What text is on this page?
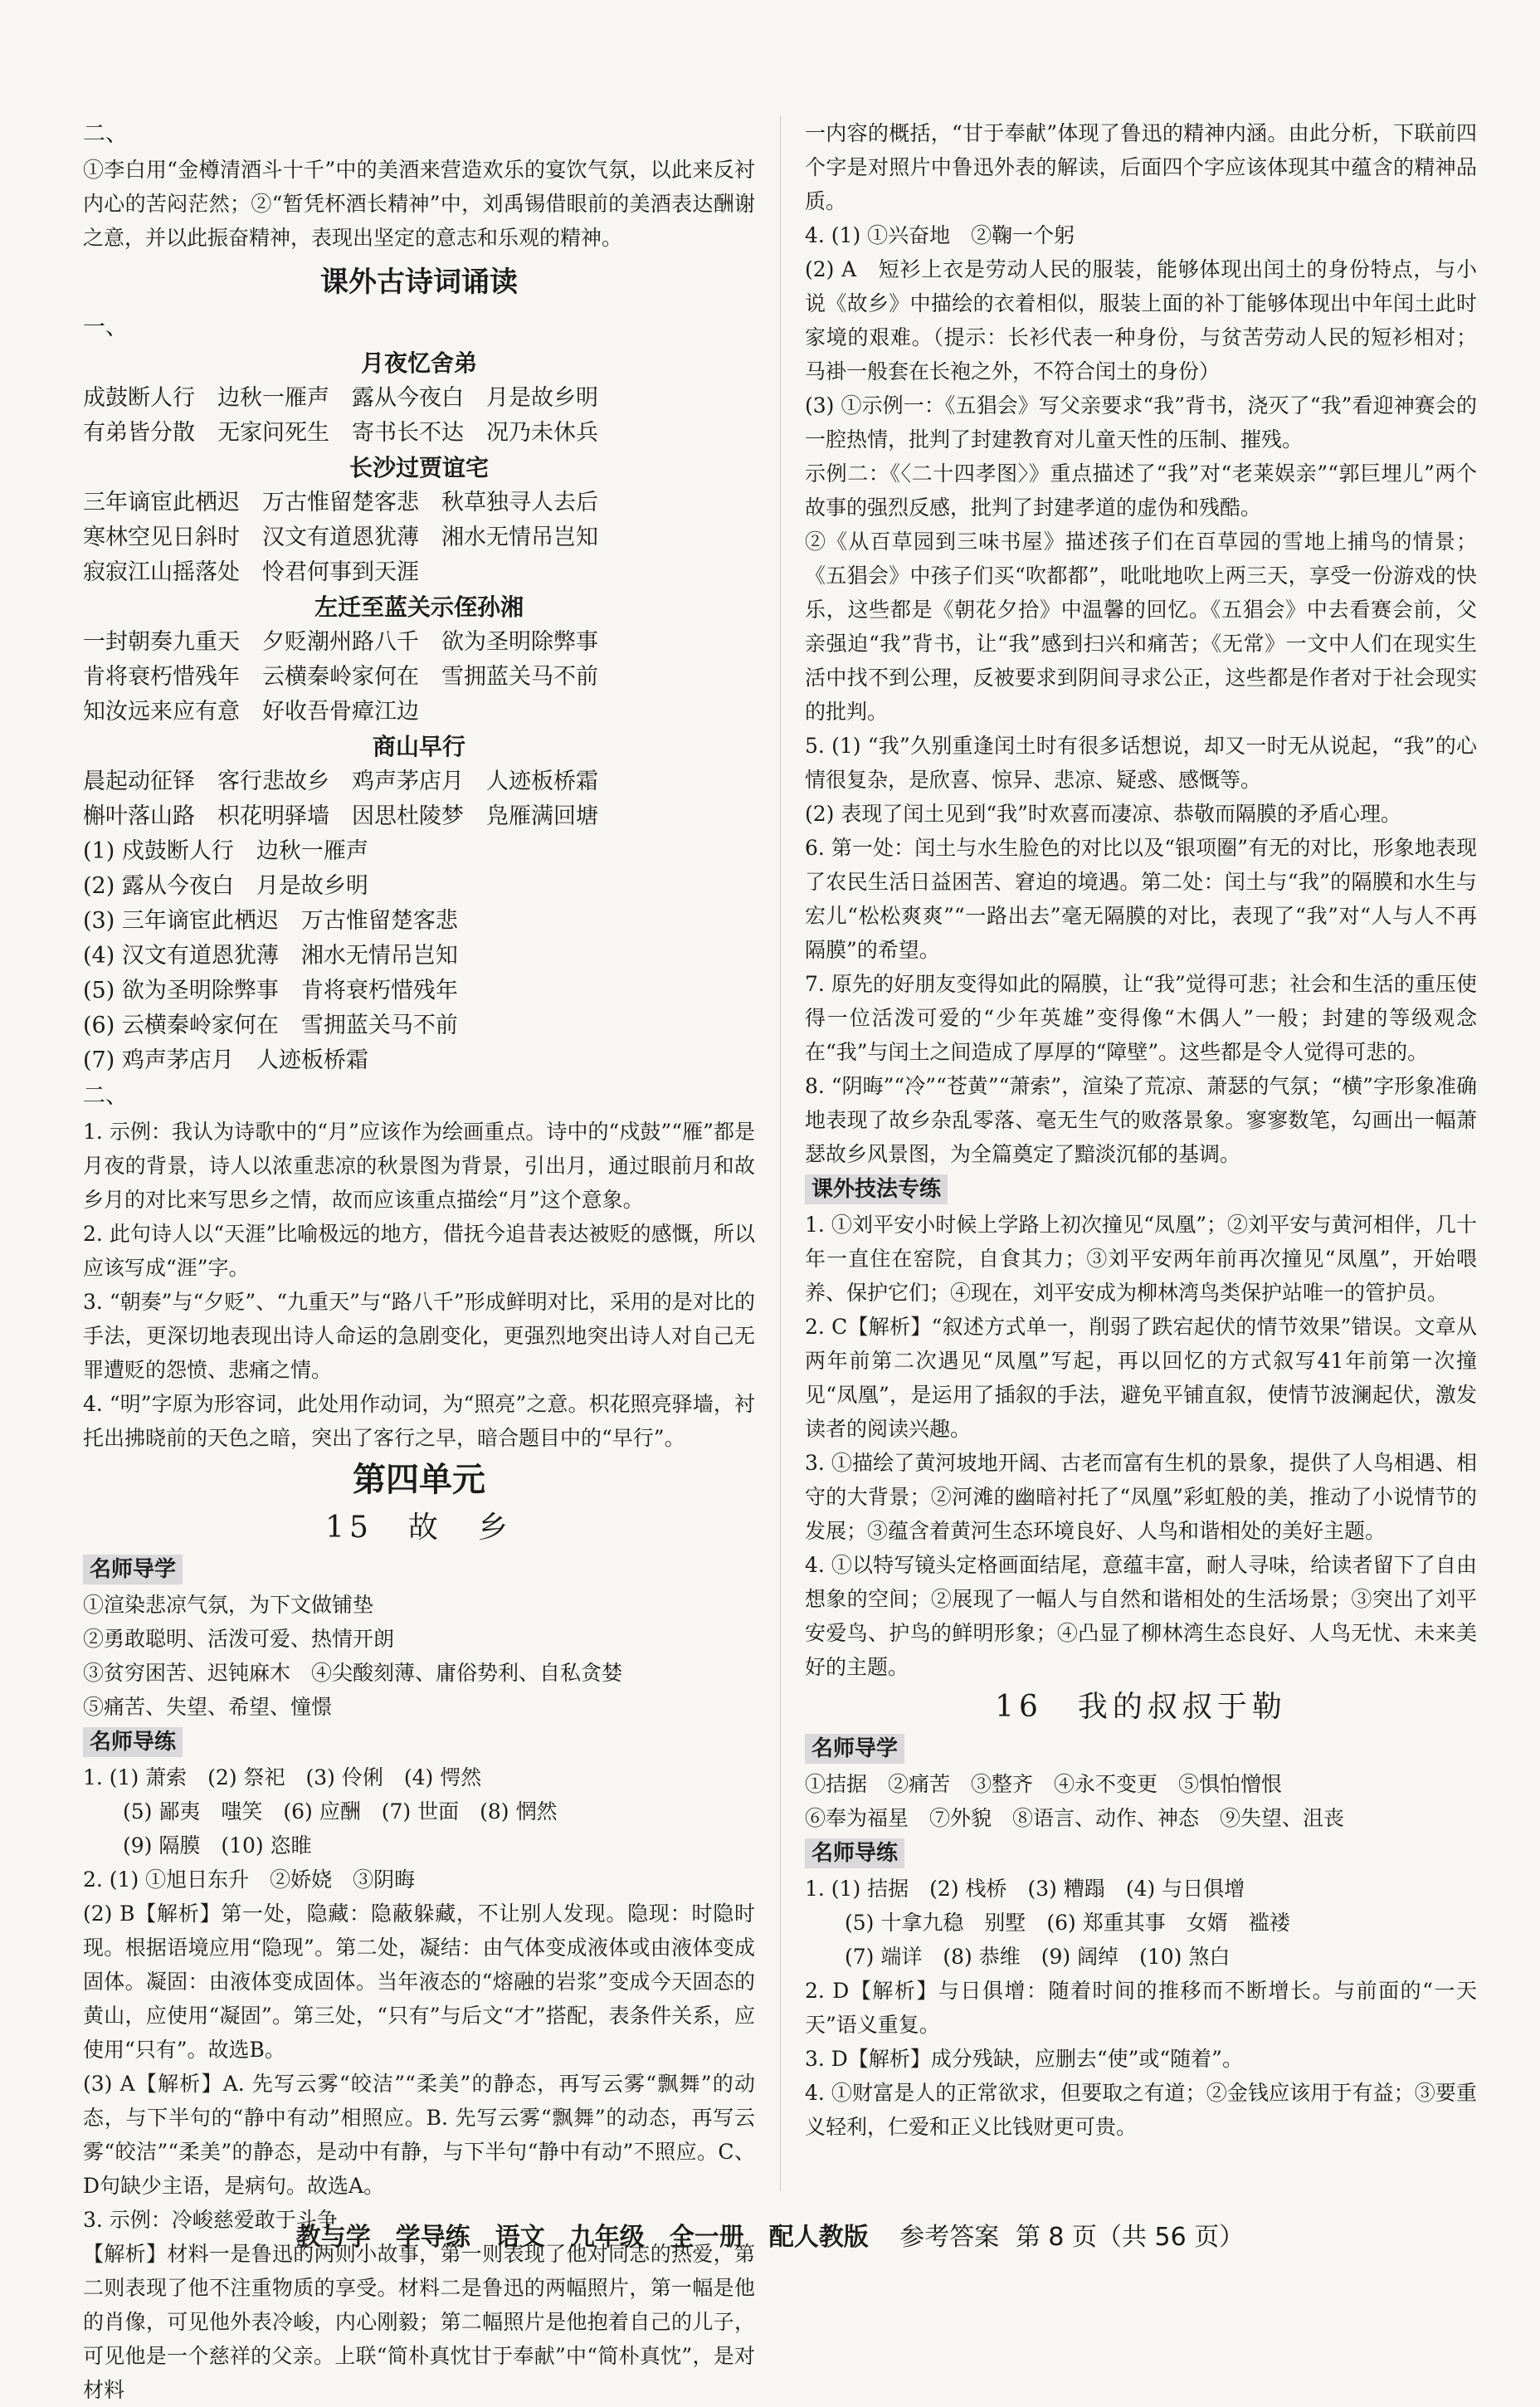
二、

①李白用“金樽清酒斗十千”中的美酒来营造欢乐的宴饮气氛，以此来反衬内心的苦闷茫然；②“暂凭杯酒长精神”中，刘禹锡借眼前的美酒表达酬谢之意，并以此振奋精神，表现出坚定的意志和乐观的精神。

课外古诗词诵读

一、

月夜忆舍弟
成鼓断人行　边秋一雁声　露从今夜白　月是故乡明
有弟皆分散　无家问死生　寄书长不达　况乃未休兵
长沙过贾谊宅
三年谪宦此栖迟　万古惟留楚客悲　秋草独寻人去后
寒林空见日斜时　汉文有道恩犹薄　湘水无情吊岂知
寂寂江山摇落处　怜君何事到天涯
左迁至蓝关示侄孙湘
一封朝奏九重天　夕贬潮州路八千　欲为圣明除弊事
肯将衰朽惜残年　云横秦岭家何在　雪拥蓝关马不前
知汝远来应有意　好收吾骨瘴江边
商山早行
晨起动征铎　客行悲故乡　鸡声茅店月　人迹板桥霜
槲叶落山路　枳花明驿墙　因思杜陵梦　凫雁满回塘
(1) 戍鼓断人行　边秋一雁声
(2) 露从今夜白　月是故乡明
(3) 三年谪宦此栖迟　万古惟留楚客悲
(4) 汉文有道恩犹薄　湘水无情吊岂知
(5) 欲为圣明除弊事　肯将衰朽惜残年
(6) 云横秦岭家何在　雪拥蓝关马不前
(7) 鸡声茅店月　人迹板桥霜

二、

1. 示例：我认为诗歌中的“月”应该作为绘画重点。诗中的“戍鼓”“雁”都是月夜的背景，诗人以浓重悲凉的秋景图为背景，引出月，通过眼前月和故乡月的对比来写思乡之情，故而应该重点描绘“月”这个意象。

2. 此句诗人以“天涯”比喻极远的地方，借抚今追昔表达被贬的感慨，所以应该写成“涯”字。

3. “朝奏”与“夕贬”、“九重天”与“路八千”形成鲜明对比，采用的是对比的手法，更深切地表现出诗人命运的急剧变化，更强烈地突出诗人对自己无罪遭贬的怨愤、悲痛之情。

4. “明”字原为形容词，此处用作动词，为“照亮”之意。枳花照亮驿墙，衬托出拂晓前的天色之暗，突出了客行之早，暗合题目中的“早行”。

第四单元
15　故　乡
名师导学

①渲染悲凉气氛，为下文做铺垫

②勇敢聪明、活泼可爱、热情开朗

③贫穷困苦、迟钝麻木　④尖酸刻薄、庸俗势利、自私贪婪

⑤痛苦、失望、希望、憧憬

名师导练

1. (1) 萧索　(2) 祭祀　(3) 伶俐　(4) 愕然

(5) 鄙夷　嗤笑　(6) 应酬　(7) 世面　(8) 惘然

(9) 隔膜　(10) 恣睢

2. (1) ①旭日东升　②娇娆　③阴晦

(2) B【解析】第一处，隐藏：隐蔽躲藏，不让别人发现。隐现：时隐时现。根据语境应用“隐现”。第二处，凝结：由气体变成液体或由液体变成固体。凝固：由液体变成固体。当年液态的“熔融的岩浆”变成今天固态的黄山，应使用“凝固”。第三处，“只有”与后文“才”搭配，表条件关系，应使用“只有”。故选B。

(3) A【解析】A. 先写云雾“皎洁”“柔美”的静态，再写云雾“飘舞”的动态，与下半句的“静中有动”相照应。B. 先写云雾“飘舞”的动态，再写云雾“皎洁”“柔美”的静态，是动中有静，与下半句“静中有动”不照应。C、D句缺少主语，是病句。故选A。

3. 示例：冷峻慈爱敢于斗争

【解析】材料一是鲁迅的两则小故事，第一则表现了他对同志的热爱，第二则表现了他不注重物质的享受。材料二是鲁迅的两幅照片，第一幅是他的肖像，可见他外表冷峻，内心刚毅；第二幅照片是他抱着自己的儿子，可见他是一个慈祥的父亲。上联“简朴真忱甘于奉献”中“简朴真忱”，是对材料

一内容的概括，“甘于奉献”体现了鲁迅的精神内涵。由此分析，下联前四个字是对照片中鲁迅外表的解读，后面四个字应该体现其中蕴含的精神品质。

4. (1) ①兴奋地　②鞠一个躬

(2) A　短衫上衣是劳动人民的服装，能够体现出闰土的身份特点，与小说《故乡》中描绘的衣着相似，服装上面的补丁能够体现出中年闰土此时家境的艰难。（提示：长衫代表一种身份，与贫苦劳动人民的短衫相对；马褂一般套在长袍之外，不符合闰土的身份）

(3) ①示例一：《五猖会》写父亲要求“我”背书，浇灭了“我”看迎神赛会的一腔热情，批判了封建教育对儿童天性的压制、摧残。

示例二：《〈二十四孝图〉》重点描述了“我”对“老莱娱亲”“郭巨埋儿”两个故事的强烈反感，批判了封建孝道的虚伪和残酷。

②《从百草园到三味书屋》描述孩子们在百草园的雪地上捕鸟的情景；《五猖会》中孩子们买“吹都都”，吡吡地吹上两三天，享受一份游戏的快乐，这些都是《朝花夕拾》中温馨的回忆。《五猖会》中去看赛会前，父亲强迫“我”背书，让“我”感到扫兴和痛苦；《无常》一文中人们在现实生活中找不到公理，反被要求到阴间寻求公正，这些都是作者对于社会现实的批判。

5. (1) “我”久别重逢闰土时有很多话想说，却又一时无从说起，“我”的心情很复杂，是欣喜、惊异、悲凉、疑惑、感慨等。

(2) 表现了闰土见到“我”时欢喜而凄凉、恭敬而隔膜的矛盾心理。

6. 第一处：闰土与水生脸色的对比以及“银项圈”有无的对比，形象地表现了农民生活日益困苦、窘迫的境遇。第二处：闰土与“我”的隔膜和水生与宏儿“松松爽爽”“一路出去”毫无隔膜的对比，表现了“我”对“人与人不再隔膜”的希望。

7. 原先的好朋友变得如此的隔膜，让“我”觉得可悲；社会和生活的重压使得一位活泼可爱的“少年英雄”变得像“木偶人”一般；封建的等级观念在“我”与闰土之间造成了厚厚的“障壁”。这些都是令人觉得可悲的。

8. “阴晦”“冷”“苍黄”“萧索”，渲染了荒凉、萧瑟的气氛；“横”字形象准确地表现了故乡杂乱零落、毫无生气的败落景象。寥寥数笔，勾画出一幅萧瑟故乡风景图，为全篇奠定了黯淡沉郁的基调。

课外技法专练

1. ①刘平安小时候上学路上初次撞见“凤凰”；②刘平安与黄河相伴，几十年一直住在窑院，自食其力；③刘平安两年前再次撞见“凤凰”，开始喂养、保护它们；④现在，刘平安成为柳林湾鸟类保护站唯一的管护员。

2. C【解析】“叙述方式单一，削弱了跌宕起伏的情节效果”错误。文章从两年前第二次遇见“凤凰”写起，再以回忆的方式叙写41年前第一次撞见“凤凰”，是运用了插叙的手法，避免平铺直叙，使情节波澜起伏，激发读者的阅读兴趣。

3. ①描绘了黄河坡地开阔、古老而富有生机的景象，提供了人鸟相遇、相守的大背景；②河滩的幽暗衬托了“凤凰”彩虹般的美，推动了小说情节的发展；③蕴含着黄河生态环境良好、人鸟和谐相处的美好主题。

4. ①以特写镜头定格画面结尾，意蕴丰富，耐人寻味，给读者留下了自由想象的空间；②展现了一幅人与自然和谐相处的生活场景；③突出了刘平安爱鸟、护鸟的鲜明形象；④凸显了柳林湾生态良好、人鸟无忧、未来美好的主题。

16　我的叔叔于勒
名师导学

①拮据　②痛苦　③整齐　④永不变更　⑤惧怕憎恨

⑥奉为福星　⑦外貌　⑧语言、动作、神态　⑨失望、沮丧

名师导练

1. (1) 拮据　(2) 栈桥　(3) 糟蹋　(4) 与日俱增

(5) 十拿九稳　别墅　(6) 郑重其事　女婿　褴褛

(7) 端详　(8) 恭维　(9) 阔绰　(10) 煞白

2. D【解析】与日俱增：随着时间的推移而不断增长。与前面的“一天天”语义重复。

3. D【解析】成分残缺，应删去“使”或“随着”。

4. ①财富是人的正常欲求，但要取之有道；②金钱应该用于有益；③要重义轻利，仁爱和正义比钱财更可贵。

教与学　学导练　语文　九年级　全一册　配人教版 参考答案 第 8 页（共 56 页）
